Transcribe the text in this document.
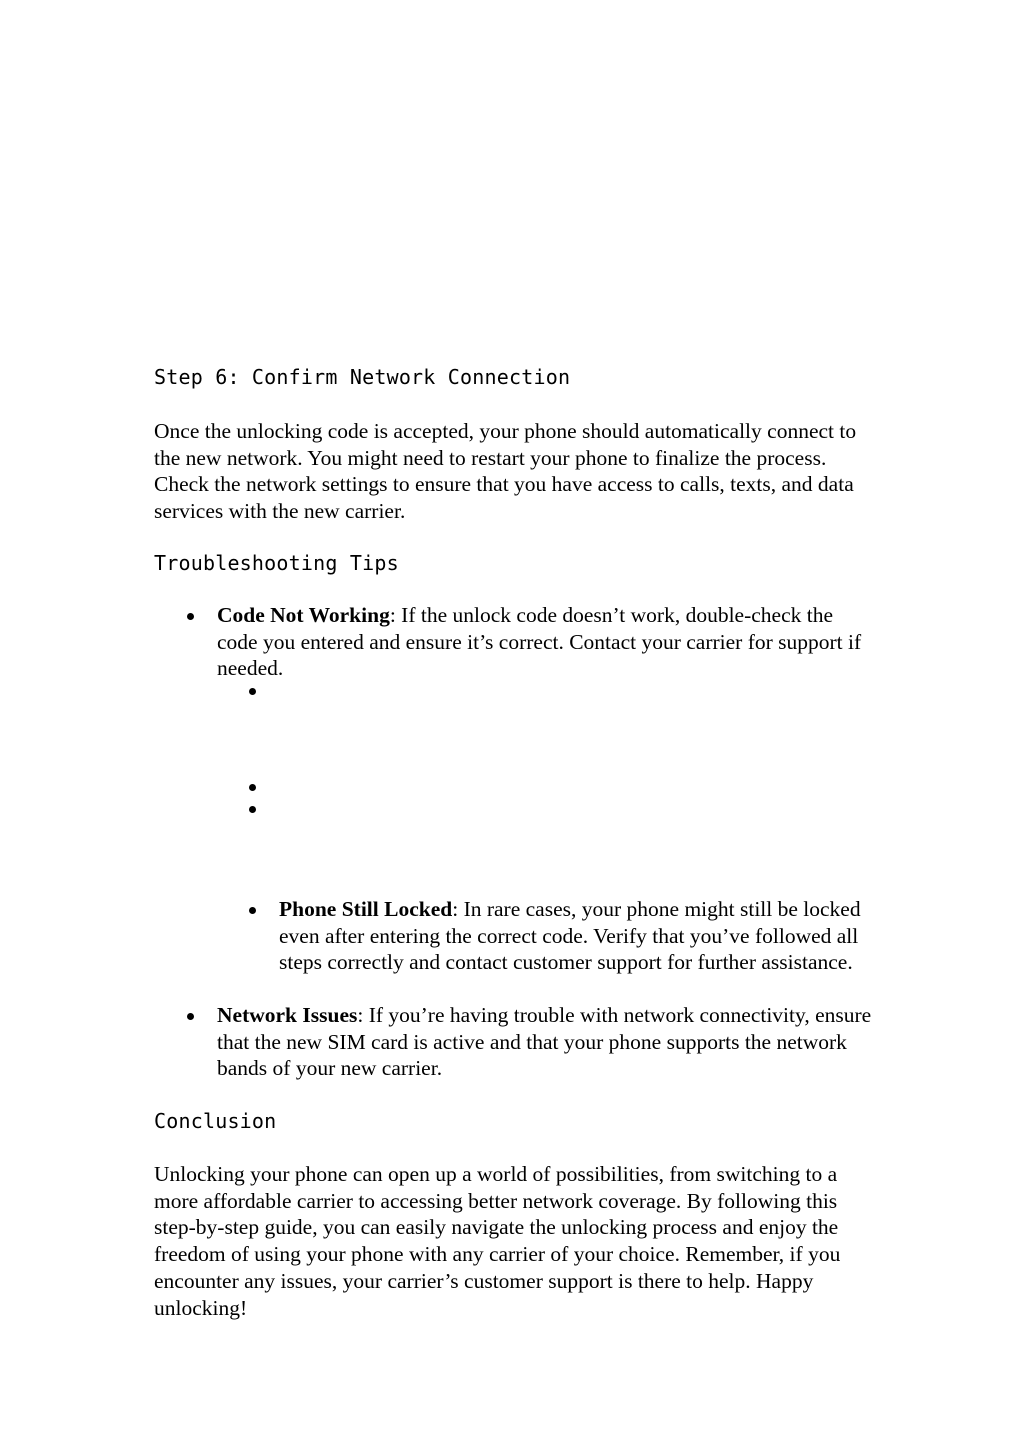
Step 6: Confirm Network Connection

Once the unlocking code is accepted, your phone should automatically connect to the new network. You might need to restart your phone to finalize the process. Check the network settings to ensure that you have access to calls, texts, and data services with the new carrier.

Troubleshooting Tips

Code Not Working: If the unlock code doesn’t work, double-check the code you entered and ensure it’s correct. Contact your carrier for support if needed.

Phone Still Locked: In rare cases, your phone might still be locked even after entering the correct code. Verify that you’ve followed all steps correctly and contact customer support for further assistance.

Network Issues: If you’re having trouble with network connectivity, ensure that the new SIM card is active and that your phone supports the network bands of your new carrier.

Conclusion

Unlocking your phone can open up a world of possibilities, from switching to a more affordable carrier to accessing better network coverage. By following this step-by-step guide, you can easily navigate the unlocking process and enjoy the freedom of using your phone with any carrier of your choice. Remember, if you encounter any issues, your carrier’s customer support is there to help. Happy unlocking!
